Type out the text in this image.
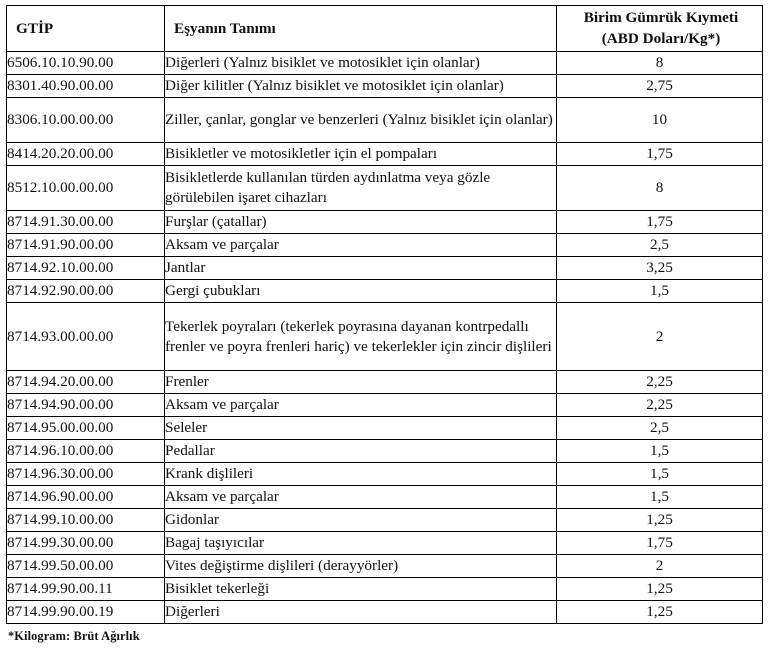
GTİP	Eşyanın Tanımı	Birim Gümrük Kıymeti
(ABD Doları/Kg*)

6506.10.10.90.00	Diğerleri (Yalnız bisiklet ve motosiklet için olanlar)	8
8301.40.90.00.00	Diğer kilitler (Yalnız bisiklet ve motosiklet için olanlar)	2,75
8306.10.00.00.00	Ziller, çanlar, gonglar ve benzerleri (Yalnız bisiklet için olanlar)	10
8414.20.20.00.00	Bisikletler ve motosikletler için el pompaları	1,75
8512.10.00.00.00	Bisikletlerde kullanılan türden aydınlatma veya gözle görülebilen işaret cihazları	8
8714.91.30.00.00	Furşlar (çatallar)	1,75
8714.91.90.00.00	Aksam ve parçalar	2,5
8714.92.10.00.00	Jantlar	3,25
8714.92.90.00.00	Gergi çubukları	1,5
8714.93.00.00.00	Tekerlek poyraları (tekerlek poyrasına dayanan kontrpedallı frenler ve poyra frenleri hariç) ve tekerlekler için zincir dişlileri	2
8714.94.20.00.00	Frenler	2,25
8714.94.90.00.00	Aksam ve parçalar	2,25
8714.95.00.00.00	Seleler	2,5
8714.96.10.00.00	Pedallar	1,5
8714.96.30.00.00	Krank dişlileri	1,5
8714.96.90.00.00	Aksam ve parçalar	1,5
8714.99.10.00.00	Gidonlar	1,25
8714.99.30.00.00	Bagaj taşıyıcılar	1,75
8714.99.50.00.00	Vites değiştirme dişlileri (derayyörler)	2
8714.99.90.00.11	Bisiklet tekerleği	1,25
8714.99.90.00.19	Diğerleri	1,25
*Kilogram: Brüt Ağırlık
